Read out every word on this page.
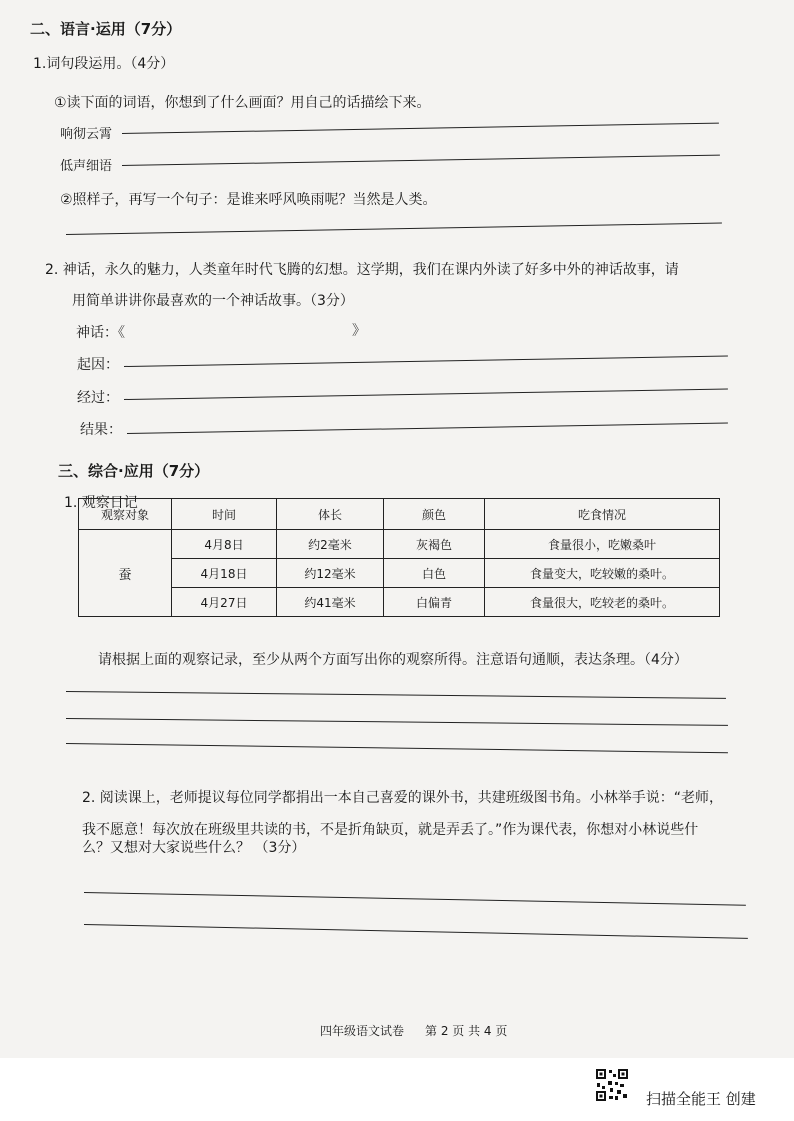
二、语言·运用（7分）
1.词句段运用。（4分）
①读下面的词语，你想到了什么画面？用自己的话描绘下来。
响彻云霄
低声细语
②照样子，再写一个句子：是谁来呼风唤雨呢？当然是人类。
2. 神话，永久的魅力，人类童年时代飞腾的幻想。这学期，我们在课内外读了好多中外的神话故事，请
用简单讲讲你最喜欢的一个神话故事。（3分）
神话：《	》
起因：
经过：
结果：
三、综合·应用（7分）
1. 观察日记
观察对象	时间	体长	颜色	吃食情况
蚕	4月8日	约2毫米	灰褐色	食量很小，吃嫩桑叶
	4月18日	约12毫米	白色	食量变大，吃较嫩的桑叶。
	4月27日	约41毫米	白偏青	食量很大，吃较老的桑叶。
请根据上面的观察记录，至少从两个方面写出你的观察所得。注意语句通顺，表达条理。（4分）
2. 阅读课上，老师提议每位同学都捐出一本自己喜爱的课外书，共建班级图书角。小林举手说：“老师，
我不愿意！每次放在班级里共读的书，不是折角缺页，就是弄丢了。”作为课代表，你想对小林说些什
么？又想对大家说些什么？ （3分）
四年级语文试卷 第 2 页 共 4 页
扫描全能王 创建
